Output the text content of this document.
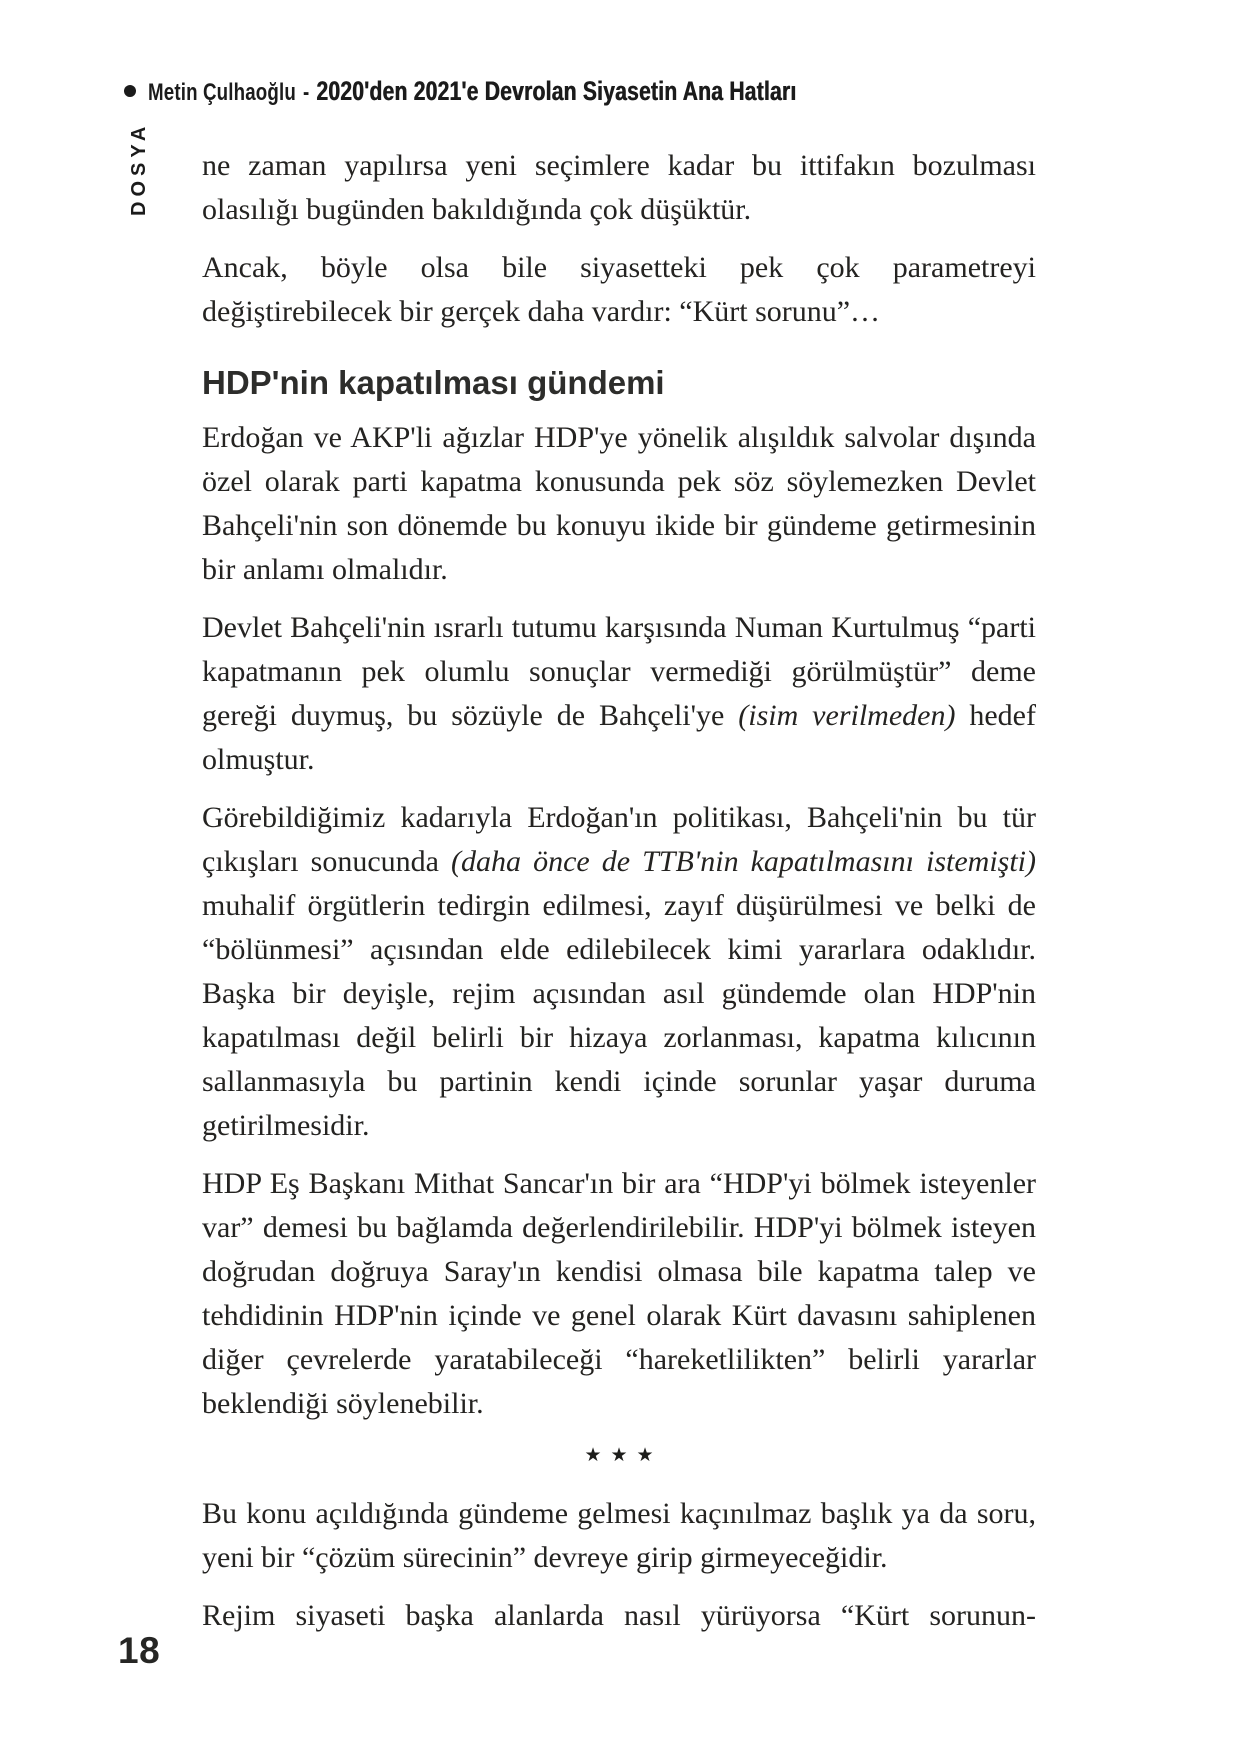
Metin Çulhaoğlu - 2020'den 2021'e Devrolan Siyasetin Ana Hatları
DOSYA ne zaman yapılırsa yeni seçimlere kadar bu ittifakın bozulması olasılığı bugünden bakıldığında çok düşüktür.

Ancak, böyle olsa bile siyasetteki pek çok parametreyi değiştirebilecek bir gerçek daha vardır: “Kürt sorunu”…

HDP'nin kapatılması gündemi

Erdoğan ve AKP'li ağızlar HDP'ye yönelik alışıldık salvolar dışında özel olarak parti kapatma konusunda pek söz söylemezken Devlet Bahçeli'nin son dönemde bu konuyu ikide bir gündeme getirmesinin bir anlamı olmalıdır.

Devlet Bahçeli'nin ısrarlı tutumu karşısında Numan Kurtulmuş “parti kapatmanın pek olumlu sonuçlar vermediği görülmüştür” deme gereği duymuş, bu sözüyle de Bahçeli'ye (isim verilmeden) hedef olmuştur.

Görebildiğimiz kadarıyla Erdoğan'ın politikası, Bahçeli'nin bu tür çıkışları sonucunda (daha önce de TTB'nin kapatılmasını istemişti) muhalif örgütlerin tedirgin edilmesi, zayıf düşürülmesi ve belki de “bölünmesi” açısından elde edilebilecek kimi yararlara odaklıdır. Başka bir deyişle, rejim açısından asıl gündemde olan HDP'nin kapatılması değil belirli bir hizaya zorlanması, kapatma kılıcının sallanmasıyla bu partinin kendi içinde sorunlar yaşar duruma getirilmesidir.

HDP Eş Başkanı Mithat Sancar'ın bir ara “HDP'yi bölmek isteyenler var” demesi bu bağlamda değerlendirilebilir. HDP'yi bölmek isteyen doğrudan doğruya Saray'ın kendisi olmasa bile kapatma talep ve tehdidinin HDP'nin içinde ve genel olarak Kürt davasını sahiplenen diğer çevrelerde yaratabileceği “hareketlilikten” belirli yararlar beklendiği söylenebilir.

★★★

Bu konu açıldığında gündeme gelmesi kaçınılmaz başlık ya da soru, yeni bir “çözüm sürecinin” devreye girip girmeyeceğidir.

Rejim siyaseti başka alanlarda nasıl yürüyorsa “Kürt sorunun-

18
